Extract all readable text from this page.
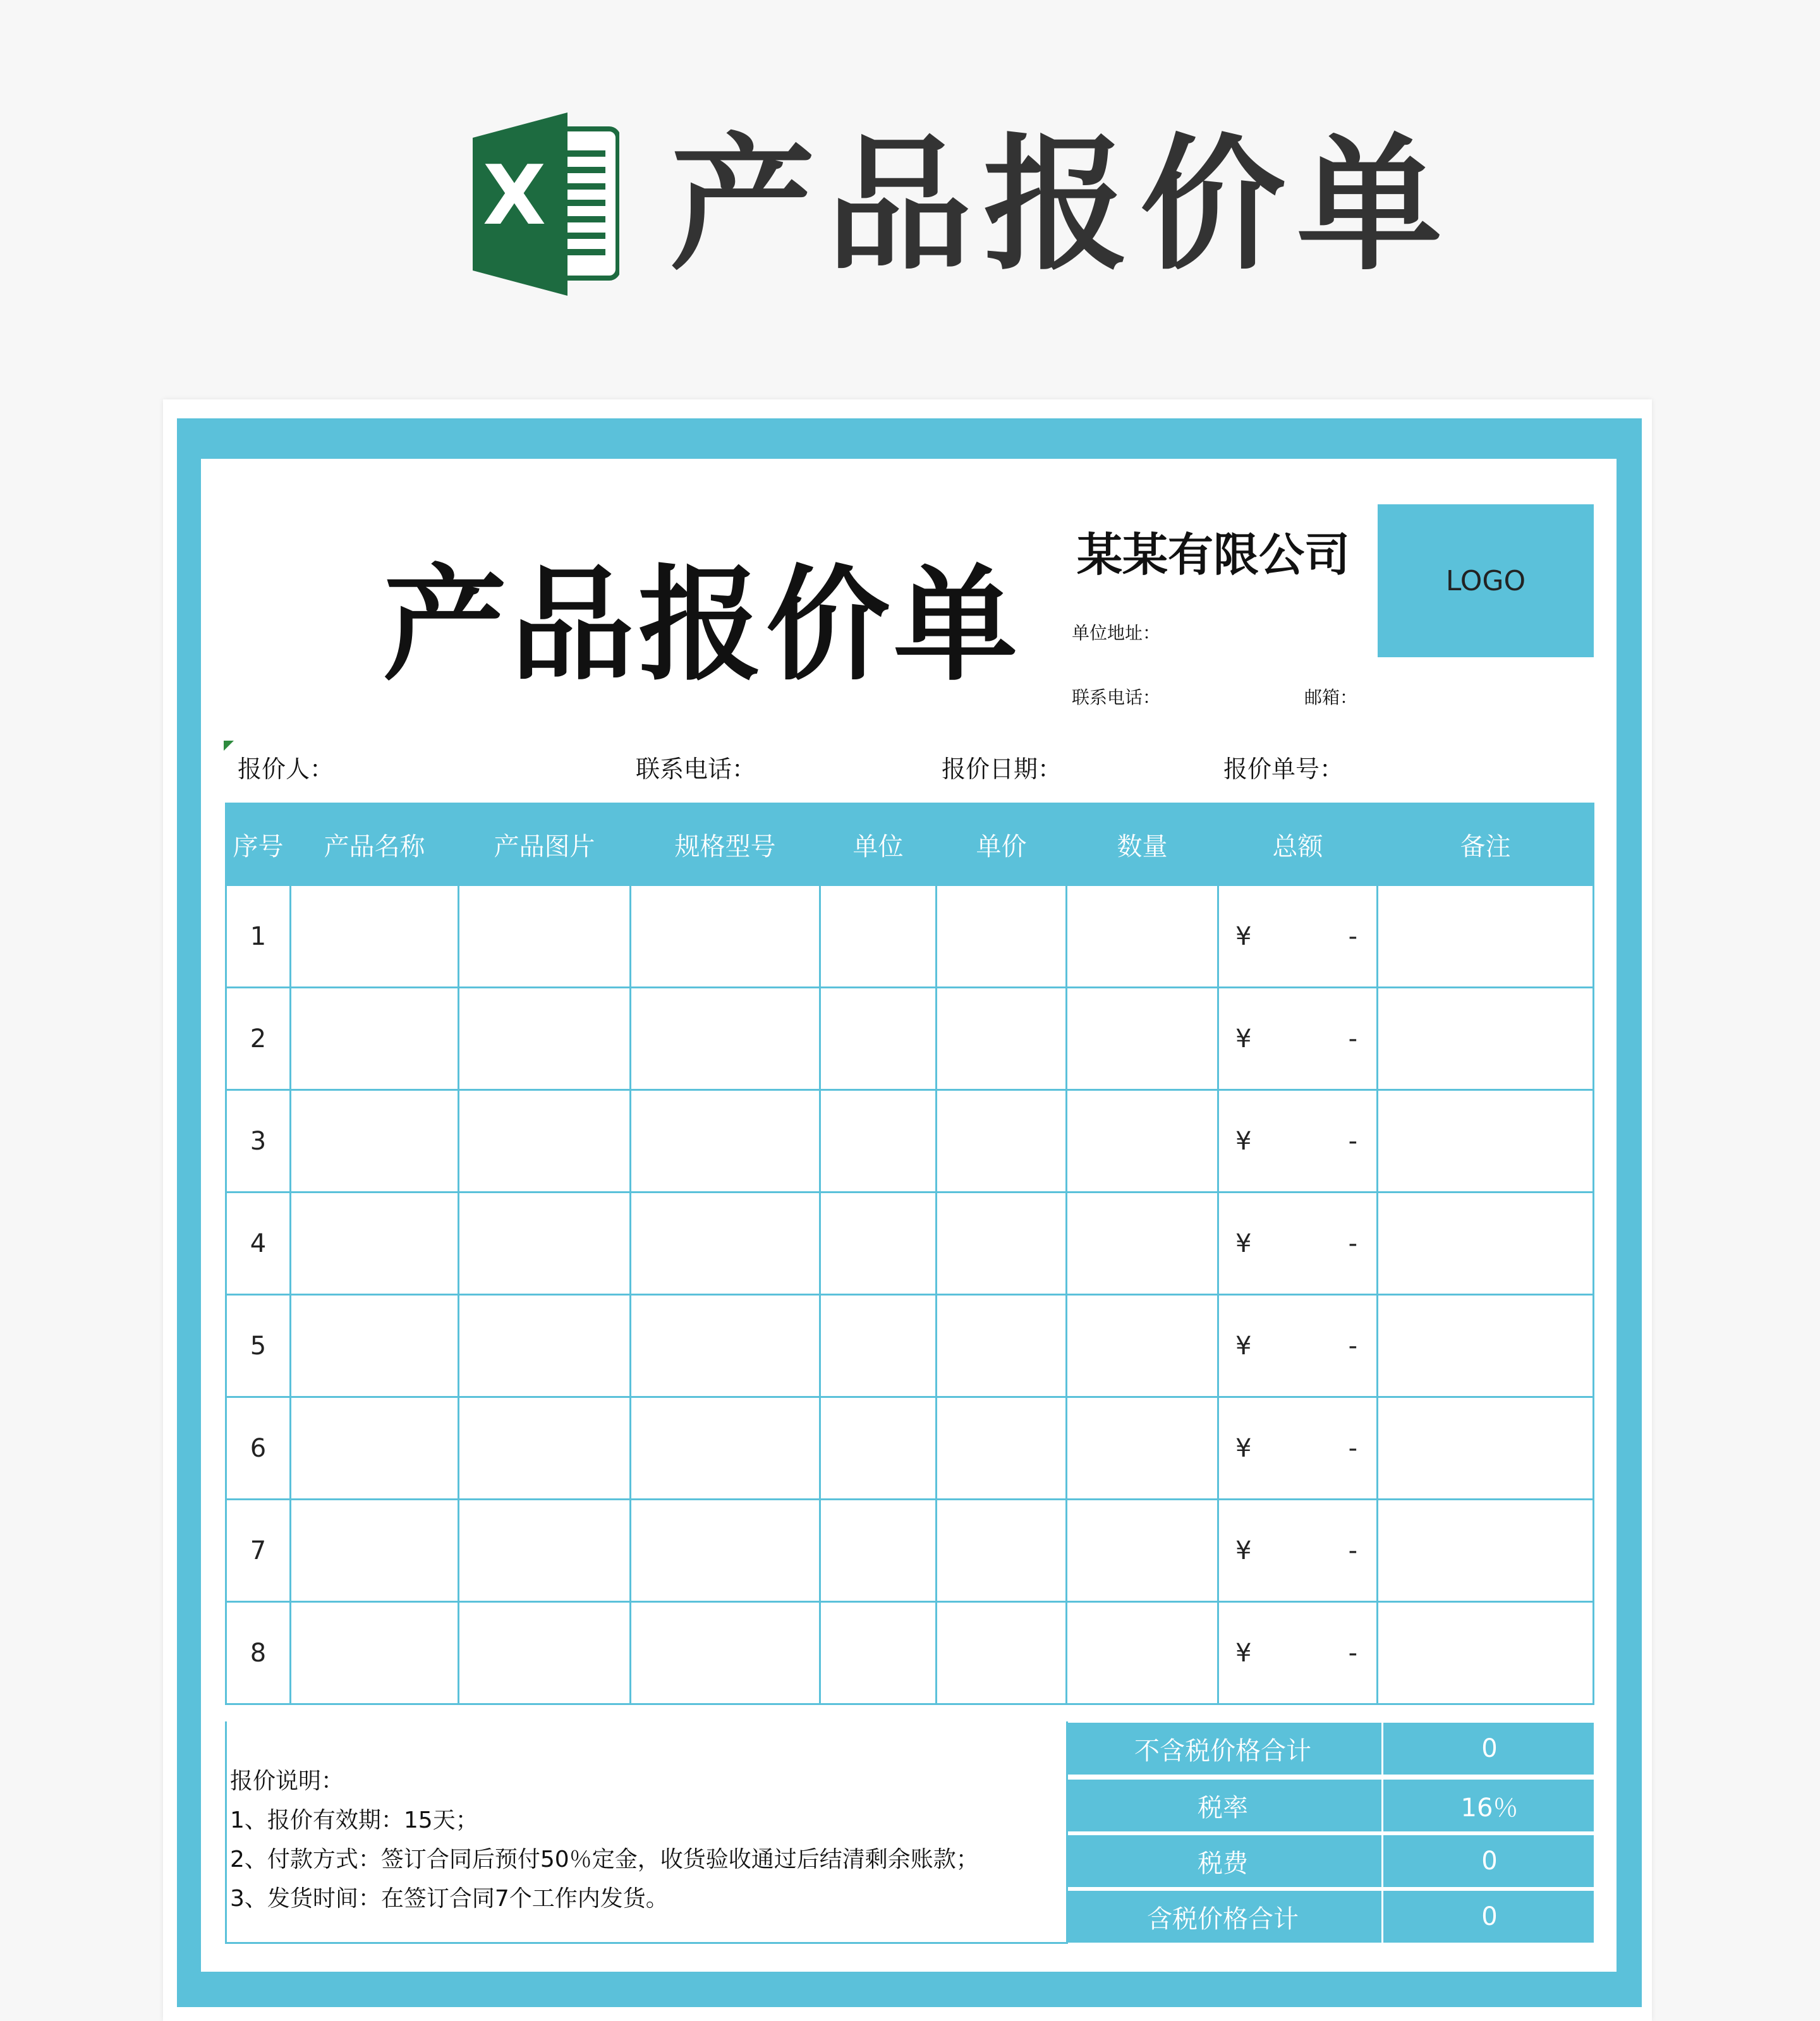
X 产品报价单
产品报价单 某某有限公司
单位地址：
联系电话：	邮箱：
LOGO
报价人：	联系电话：	报价日期：	报价单号：
序号	产品名称	产品图片	规格型号	单位	单价	数量	总额	备注
1							¥ -	

2							¥ -	

3							¥ -	

4							¥ -	

5							¥ -	

6							¥ -	

7							¥ -	

8							¥ -	

报价说明：
1、报价有效期：15天；
2、付款方式：签订合同后预付50％定金，收货验收通过后结清剩余账款；
3、发货时间：在签订合同7个工作内发货。
不含税价格合计	0
税率	16％
税费	0
含税价格合计	0
